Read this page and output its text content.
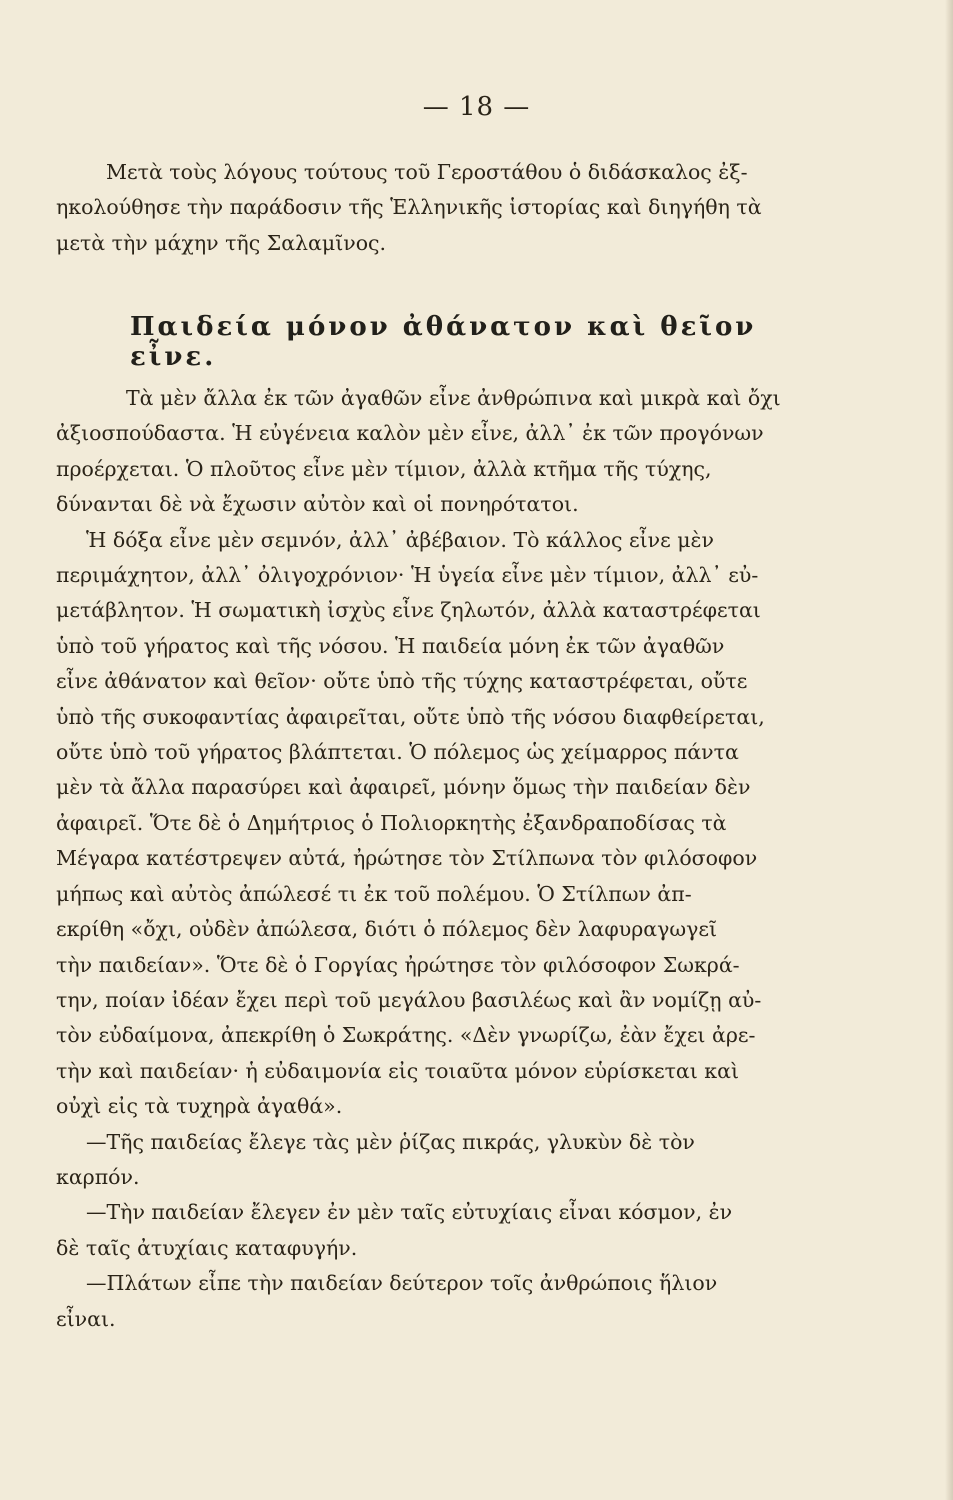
— 18 —
Μετὰ τοὺς λόγους τούτους τοῦ Γεροστάθου ὁ διδάσκαλος ἐξ-
ηκολούθησε τὴν παράδοσιν τῆς Ἑλληνικῆς ἱστορίας καὶ διηγήθη τὰ
μετὰ τὴν μάχην τῆς Σαλαμῖνος.
Παιδεία μόνον ἀθάνατον καὶ θεῖον εἶνε.
Τὰ μὲν ἄλλα ἐκ τῶν ἀγαθῶν εἶνε ἀνθρώπινα καὶ μικρὰ καὶ ὄχι
ἀξιοσπούδαστα. Ἡ εὐγένεια καλὸν μὲν εἶνε, ἀλλ᾽ ἐκ τῶν προγόνων
προέρχεται. Ὁ πλοῦτος εἶνε μὲν τίμιον, ἀλλὰ κτῆμα τῆς τύχης,
δύνανται δὲ νὰ ἔχωσιν αὐτὸν καὶ οἱ πονηρότατοι.
Ἡ δόξα εἶνε μὲν σεμνόν, ἀλλ᾽ ἀβέβαιον. Τὸ κάλλος εἶνε μὲν
περιμάχητον, ἀλλ᾽ ὀλιγοχρόνιον· Ἡ ὑγεία εἶνε μὲν τίμιον, ἀλλ᾽ εὐ-
μετάβλητον. Ἡ σωματικὴ ἰσχὺς εἶνε ζηλωτόν, ἀλλὰ καταστρέφεται
ὑπὸ τοῦ γήρατος καὶ τῆς νόσου. Ἡ παιδεία μόνη ἐκ τῶν ἀγαθῶν
εἶνε ἀθάνατον καὶ θεῖον· οὔτε ὑπὸ τῆς τύχης καταστρέφεται, οὔτε
ὑπὸ τῆς συκοφαντίας ἀφαιρεῖται, οὔτε ὑπὸ τῆς νόσου διαφθείρεται,
οὔτε ὑπὸ τοῦ γήρατος βλάπτεται. Ὁ πόλεμος ὡς χείμαρρος πάντα
μὲν τὰ ἄλλα παρασύρει καὶ ἀφαιρεῖ, μόνην ὅμως τὴν παιδείαν δὲν
ἀφαιρεῖ. Ὅτε δὲ ὁ Δημήτριος ὁ Πολιορκητὴς ἐξανδραποδίσας τὰ
Μέγαρα κατέστρεψεν αὐτά, ἠρώτησε τὸν Στίλπωνα τὸν φιλόσοφον
μήπως καὶ αὐτὸς ἀπώλεσέ τι ἐκ τοῦ πολέμου. Ὁ Στίλπων ἀπ-
εκρίθη «ὄχι, οὐδὲν ἀπώλεσα, διότι ὁ πόλεμος δὲν λαφυραγωγεῖ
τὴν παιδείαν». Ὅτε δὲ ὁ Γοργίας ἠρώτησε τὸν φιλόσοφον Σωκρά-
την, ποίαν ἰδέαν ἔχει περὶ τοῦ μεγάλου βασιλέως καὶ ἂν νομίζῃ αὐ-
τὸν εὐδαίμονα, ἀπεκρίθη ὁ Σωκράτης. «Δὲν γνωρίζω, ἐὰν ἔχει ἀρε-
τὴν καὶ παιδείαν· ἡ εὐδαιμονία εἰς τοιαῦτα μόνον εὑρίσκεται καὶ
οὐχὶ εἰς τὰ τυχηρὰ ἀγαθά».
—Τῆς παιδείας ἔλεγε τὰς μὲν ῥίζας πικράς, γλυκὺν δὲ τὸν
καρπόν.
—Τὴν παιδείαν ἔλεγεν ἐν μὲν ταῖς εὐτυχίαις εἶναι κόσμον, ἐν
δὲ ταῖς ἀτυχίαις καταφυγήν.
—Πλάτων εἶπε τὴν παιδείαν δεύτερον τοῖς ἀνθρώποις ἥλιον
εἶναι.
